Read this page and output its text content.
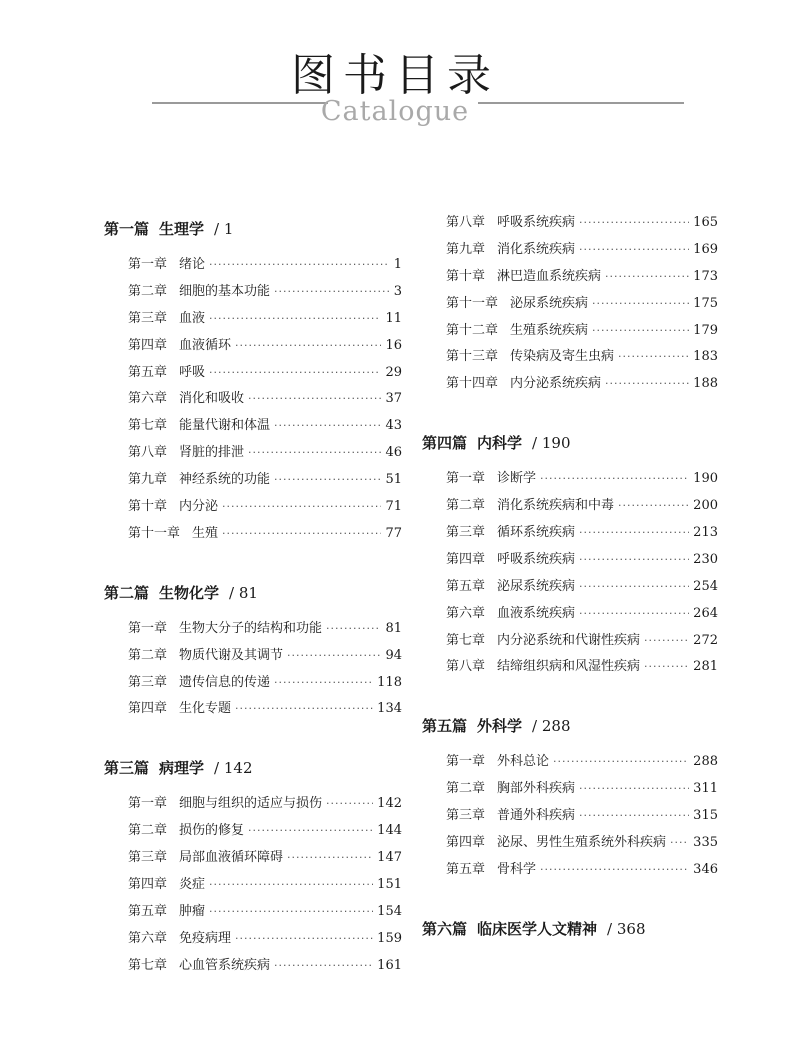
图书目录
Catalogue
第一篇 生理学 / 1
第一章 绪论 ·····	1
第二章 细胞的基本功能 ·····	3
第三章 血液 ·····	11
第四章 血液循环 ·····	16
第五章 呼吸 ·····	29
第六章 消化和吸收 ·····	37
第七章 能量代谢和体温 ·····	43
第八章 肾脏的排泄 ·····	46
第九章 神经系统的功能 ·····	51
第十章 内分泌 ·····	71
第十一章 生殖 ·····	77
第二篇 生物化学 / 81
第一章 生物大分子的结构和功能 ·····	81
第二章 物质代谢及其调节 ·····	94
第三章 遗传信息的传递 ·····	118
第四章 生化专题 ·····	134
第三篇 病理学 / 142
第一章 细胞与组织的适应与损伤 ·····	142
第二章 损伤的修复 ·····	144
第三章 局部血液循环障碍 ·····	147
第四章 炎症 ·····	151
第五章 肿瘤 ·····	154
第六章 免疫病理 ·····	159
第七章 心血管系统疾病 ·····	161
第八章 呼吸系统疾病 ·····	165
第九章 消化系统疾病 ·····	169
第十章 淋巴造血系统疾病 ·····	173
第十一章 泌尿系统疾病 ·····	175
第十二章 生殖系统疾病 ·····	179
第十三章 传染病及寄生虫病 ·····	183
第十四章 内分泌系统疾病 ·····	188
第四篇 内科学 / 190
第一章 诊断学 ·····	190
第二章 消化系统疾病和中毒 ·····	200
第三章 循环系统疾病 ·····	213
第四章 呼吸系统疾病 ·····	230
第五章 泌尿系统疾病 ·····	254
第六章 血液系统疾病 ·····	264
第七章 内分泌系统和代谢性疾病 ·····	272
第八章 结缔组织病和风湿性疾病 ·····	281
第五篇 外科学 / 288
第一章 外科总论 ·····	288
第二章 胸部外科疾病 ·····	311
第三章 普通外科疾病 ·····	315
第四章 泌尿、男性生殖系统外科疾病 ····· 335
第五章 骨科学 ·····	346
第六篇 临床医学人文精神 / 368
